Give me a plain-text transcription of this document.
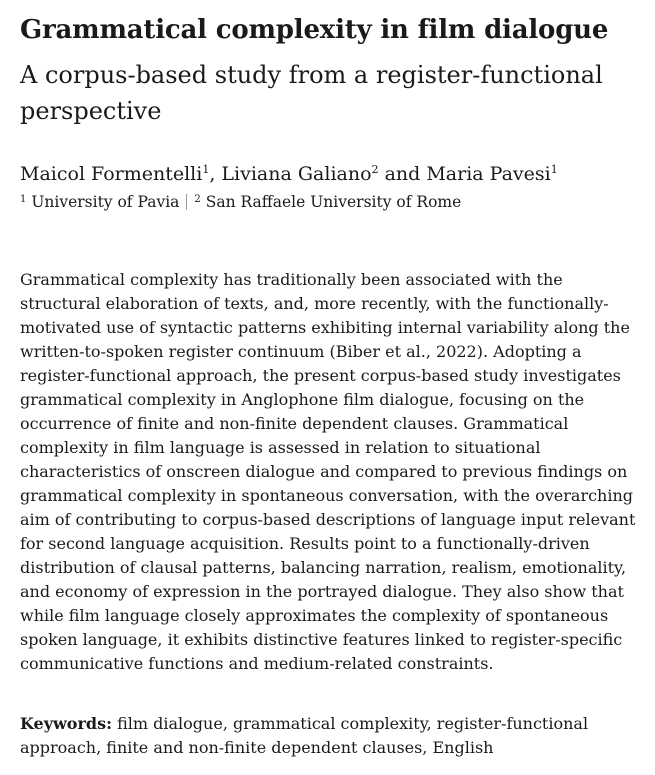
Grammatical complexity in film dialogue
A corpus-based study from a register-functional
perspective
Maicol Formentelli$^1$, Liviana Galiano$^2$ and Maria Pavesi$^1$
$^1$ University of Pavia $^2$ San Raffaele University of Rome

Grammatical complexity has traditionally been associated with the
structural elaboration of texts, and, more recently, with the functionally-
motivated use of syntactic patterns exhibiting internal variability along the
written-to-spoken register continuum (Biber et al., 2022). Adopting a
register-functional approach, the present corpus-based study investigates
grammatical complexity in Anglophone film dialogue, focusing on the
occurrence of finite and non-finite dependent clauses. Grammatical
complexity in film language is assessed in relation to situational
characteristics of onscreen dialogue and compared to previous findings on
grammatical complexity in spontaneous conversation, with the overarching
aim of contributing to corpus-based descriptions of language input relevant
for second language acquisition. Results point to a functionally-driven
distribution of clausal patterns, balancing narration, realism, emotionality,
and economy of expression in the portrayed dialogue. They also show that
while film language closely approximates the complexity of spontaneous
spoken language, it exhibits distinctive features linked to register-specific
communicative functions and medium-related constraints.

Keywords: film dialogue, grammatical complexity, register-functional
approach, finite and non-finite dependent clauses, English
